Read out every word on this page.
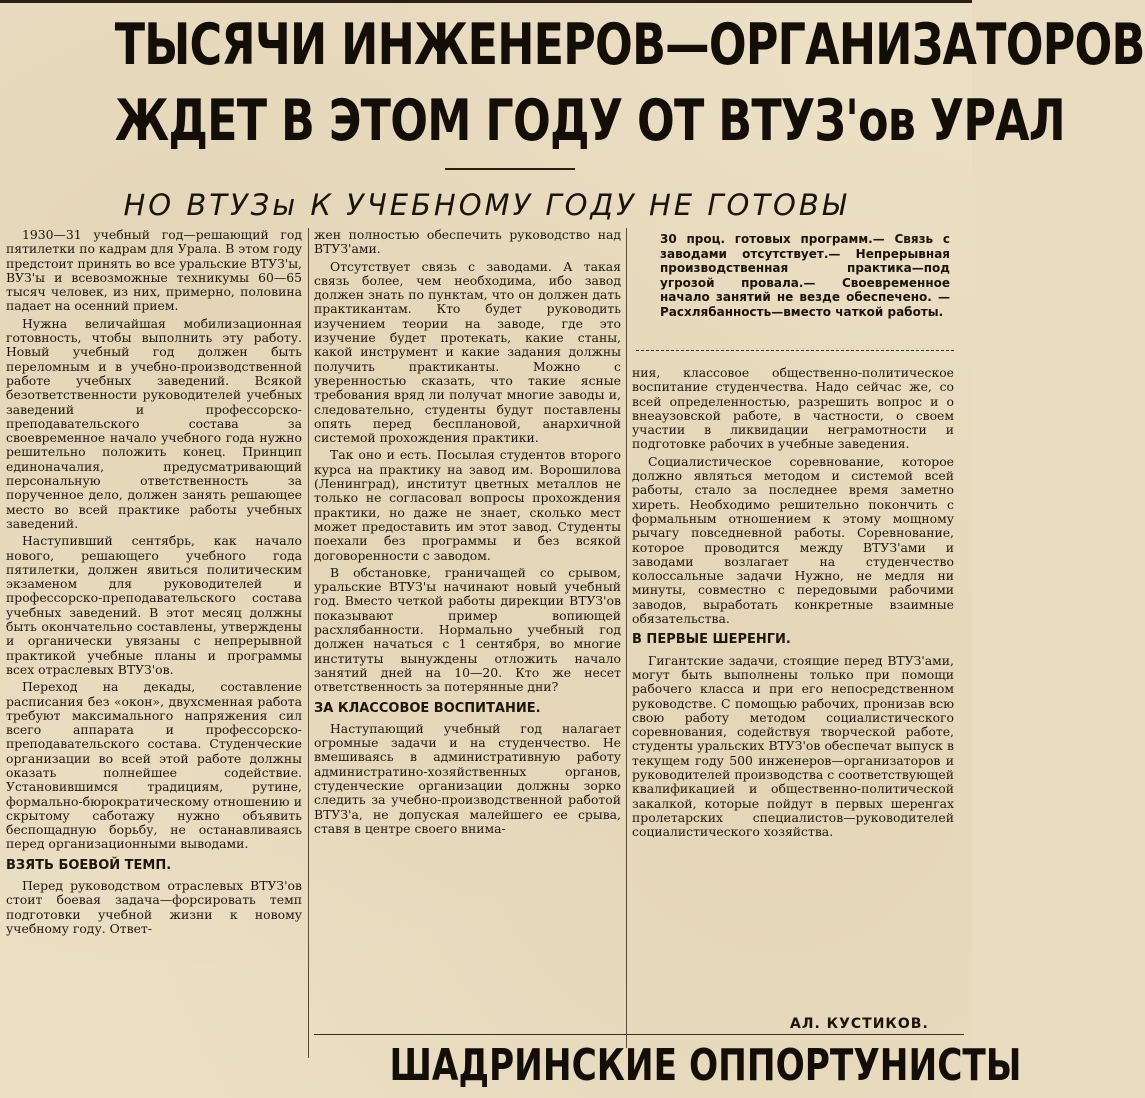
ТЫСЯЧИ ИНЖЕНЕРОВ—ОРГАНИЗАТОРОВ
ЖДЕТ В ЭТОМ ГОДУ ОТ ВТУЗ'ов УРАЛ
НО ВТУЗы К УЧЕБНОМУ ГОДУ НЕ ГОТОВЫ

1930—31 учебный год—решающий год пятилетки по кадрам для Урала. В этом году предстоит принять во все уральские ВТУЗ'ы, ВУЗ'ы и всевозможные техникумы 60—65 тысяч человек, из них, примерно, половина падает на осенний прием.

Нужна величайшая мобилизационная готовность, чтобы выполнить эту работу. Новый учебный год должен быть переломным и в учебно-производственной работе учебных заведений. Всякой безответственности руководителей учебных заведений и профессорско-преподавательского состава за своевременное начало учебного года нужно решительно положить конец. Принцип единоначалия, предусматривающий персональную ответственность за порученное дело, должен занять решающее место во всей практике работы учебных заведений.

Наступивший сентябрь, как начало нового, решающего учебного года пятилетки, должен явиться политическим экзаменом для руководителей и профессорско-преподавательского состава учебных заведений. В этот месяц должны быть окончательно составлены, утверждены и органически увязаны с непрерывной практикой учебные планы и программы всех отраслевых ВТУЗ'ов.

Переход на декады, составление расписания без «окон», двухсменная работа требуют максимального напряжения сил всего аппарата и профессорско-преподавательского состава. Студенческие организации во всей этой работе должны оказать полнейшее содействие. Установившимся традициям, рутине, формально-бюрократическому отношению и скрытому саботажу нужно объявить беспощадную борьбу, не останавливаясь перед организационными выводами.

ВЗЯТЬ БОЕВОЙ ТЕМП.

Перед руководством отраслевых ВТУЗ'ов стоит боевая задача—форсировать темп подготовки учебной жизни к новому учебному году. Ответ-

жен полностью обеспечить руководство над ВТУЗ'ами.

Отсутствует связь с заводами. А такая связь более, чем необходима, ибо завод должен знать по пунктам, что он должен дать практикантам. Кто будет руководить изучением теории на заводе, где это изучение будет протекать, какие станы, какой инструмент и какие задания должны получить практиканты. Можно с уверенностью сказать, что такие ясные требования вряд ли получат многие заводы и, следовательно, студенты будут поставлены опять перед бесплановой, анархичной системой прохождения практики.

Так оно и есть. Посылая студентов второго курса на практику на завод им. Ворошилова (Ленинград), институт цветных металлов не только не согласовал вопросы прохождения практики, но даже не знает, сколько мест может предоставить им этот завод. Студенты поехали без программы и без всякой договоренности с заводом.

В обстановке, граничащей со срывом, уральские ВТУЗ'ы начинают новый учебный год. Вместо четкой работы дирекции ВТУЗ'ов показывают пример вопиющей расхлябанности. Нормально учебный год должен начаться с 1 сентября, во многие институты вынуждены отложить начало занятий дней на 10—20. Кто же несет ответственность за потерянные дни?

ЗА КЛАССОВОЕ ВОСПИТАНИЕ.

Наступающий учебный год налагает огромные задачи и на студенчество. Не вмешиваясь в административную работу администратино-хозяйственных органов, студенческие организации должны зорко следить за учебно-производственной работой ВТУЗ'а, не допуская малейшего ее срыва, ставя в центре своего внима-

30 проц. готовых программ.— Связь с заводами отсутствует.— Непрерывная производственная практика—под угрозой провала.— Своевременное начало занятий не везде обеспечено. — Расхлябанность—вместо чаткой работы.

ния, классовое общественно-политическое воспитание студенчества. Надо сейчас же, со всей определенностью, разрешить вопрос и о внеаузовской работе, в частности, о своем участии в ликвидации неграмотности и подготовке рабочих в учебные заведения.

Социалистическое соревнование, которое должно являться методом и системой всей работы, стало за последнее время заметно хиреть. Необходимо решительно покончить с формальным отношением к этому мощному рычагу повседневной работы. Соревнование, которое проводится между ВТУЗ'ами и заводами возлагает на студенчество колоссальные задачи Нужно, не медля ни минуты, совместно с передовыми рабочими заводов, выработать конкретные взаимные обязательства.

В ПЕРВЫЕ ШЕРЕНГИ.

Гигантские задачи, стоящие перед ВТУЗ'ами, могут быть выполнены только при помощи рабочего класса и при его непосредственном руководстве. С помощью рабочих, пронизав всю свою работу методом социалистического соревнования, содействуя творческой работе, студенты уральских ВТУЗ'ов обеспечат выпуск в текущем году 500 инженеров—организаторов и руководителей производства с соответствующей квалификацией и общественно-политической закалкой, которые пойдут в первых шеренгах пролетарских специалистов—руководителей социалистического хозяйства.

АЛ. КУСТИКОВ.
ШАДРИНСКИЕ ОППОРТУНИСТЫ
